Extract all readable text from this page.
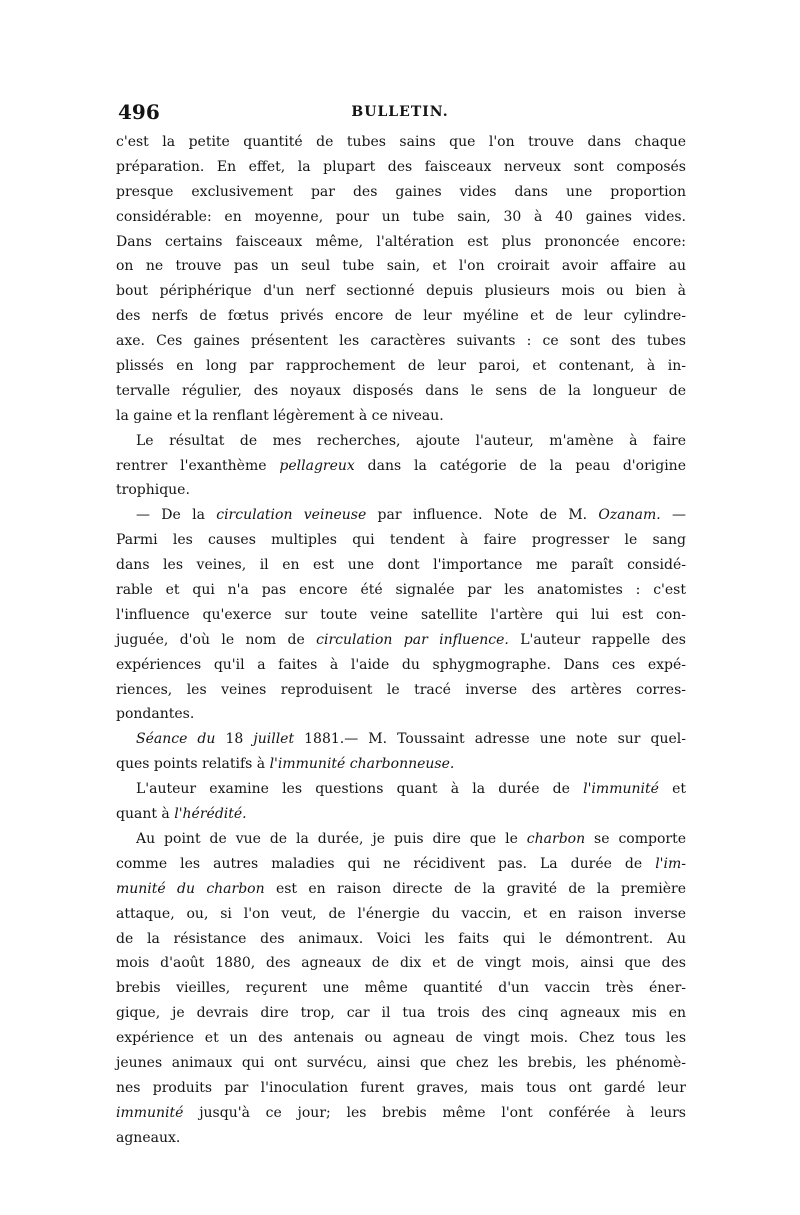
496	BULLETIN.
c'est la petite quantité de tubes sains que l'on trouve dans chaque
préparation. En effet, la plupart des faisceaux nerveux sont composés
presque exclusivement par des gaines vides dans une proportion
considérable: en moyenne, pour un tube sain, 30 à 40 gaines vides.
Dans certains faisceaux même, l'altération est plus prononcée encore:
on ne trouve pas un seul tube sain, et l'on croirait avoir affaire au
bout périphérique d'un nerf sectionné depuis plusieurs mois ou bien à
des nerfs de fœtus privés encore de leur myéline et de leur cylindre-
axe. Ces gaines présentent les caractères suivants : ce sont des tubes
plissés en long par rapprochement de leur paroi, et contenant, à in-
tervalle régulier, des noyaux disposés dans le sens de la longueur de
la gaine et la renflant légèrement à ce niveau.
Le résultat de mes recherches, ajoute l'auteur, m'amène à faire
rentrer l'exanthème pellagreux dans la catégorie de la peau d'origine
trophique.
— De la circulation veineuse par influence. Note de M. Ozanam. —
Parmi les causes multiples qui tendent à faire progresser le sang
dans les veines, il en est une dont l'importance me paraît considé-
rable et qui n'a pas encore été signalée par les anatomistes : c'est
l'influence qu'exerce sur toute veine satellite l'artère qui lui est con-
juguée, d'où le nom de circulation par influence. L'auteur rappelle des
expériences qu'il a faites à l'aide du sphygmographe. Dans ces expé-
riences, les veines reproduisent le tracé inverse des artères corres-
pondantes.
Séance du 18 juillet 1881.— M. Toussaint adresse une note sur quel-
ques points relatifs à l'immunité charbonneuse.
L'auteur examine les questions quant à la durée de l'immunité et
quant à l'hérédité.
Au point de vue de la durée, je puis dire que le charbon se comporte
comme les autres maladies qui ne récidivent pas. La durée de l'im-
munité du charbon est en raison directe de la gravité de la première
attaque, ou, si l'on veut, de l'énergie du vaccin, et en raison inverse
de la résistance des animaux. Voici les faits qui le démontrent. Au
mois d'août 1880, des agneaux de dix et de vingt mois, ainsi que des
brebis vieilles, reçurent une même quantité d'un vaccin très éner-
gique, je devrais dire trop, car il tua trois des cinq agneaux mis en
expérience et un des antenais ou agneau de vingt mois. Chez tous les
jeunes animaux qui ont survécu, ainsi que chez les brebis, les phénomè-
nes produits par l'inoculation furent graves, mais tous ont gardé leur
immunité jusqu'à ce jour; les brebis même l'ont conférée à leurs
agneaux.
